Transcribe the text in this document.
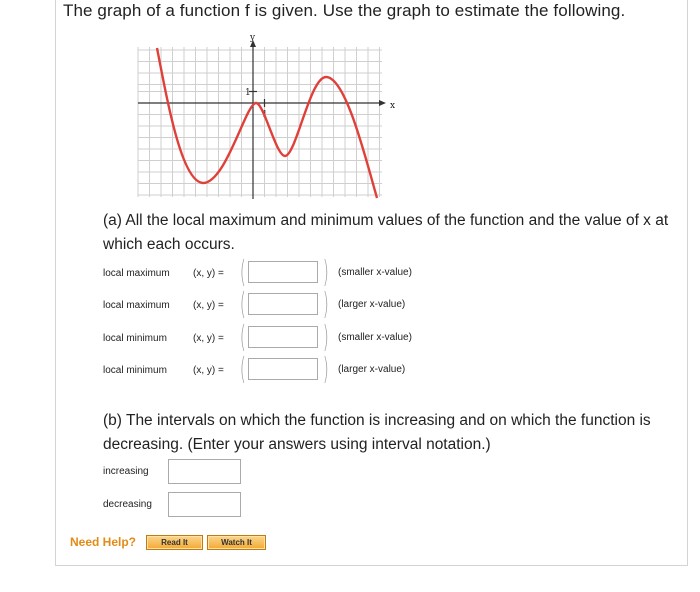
The graph of a function f is given. Use the graph to estimate the following.
y
x
1
1

(a) All the local maximum and minimum values of the function and the value of x at which each occurs.

local maximum (x, y) = (	) (smaller x-value)
local maximum (x, y) = (	) (larger x-value)
local minimum	(x, y) = (	) (smaller x-value)
local minimum	(x, y) = (	) (larger x-value)

(b) The intervals on which the function is increasing and on which the function is decreasing. (Enter your answers using interval notation.)

increasing
decreasing
Need Help?	Read It	Watch It
